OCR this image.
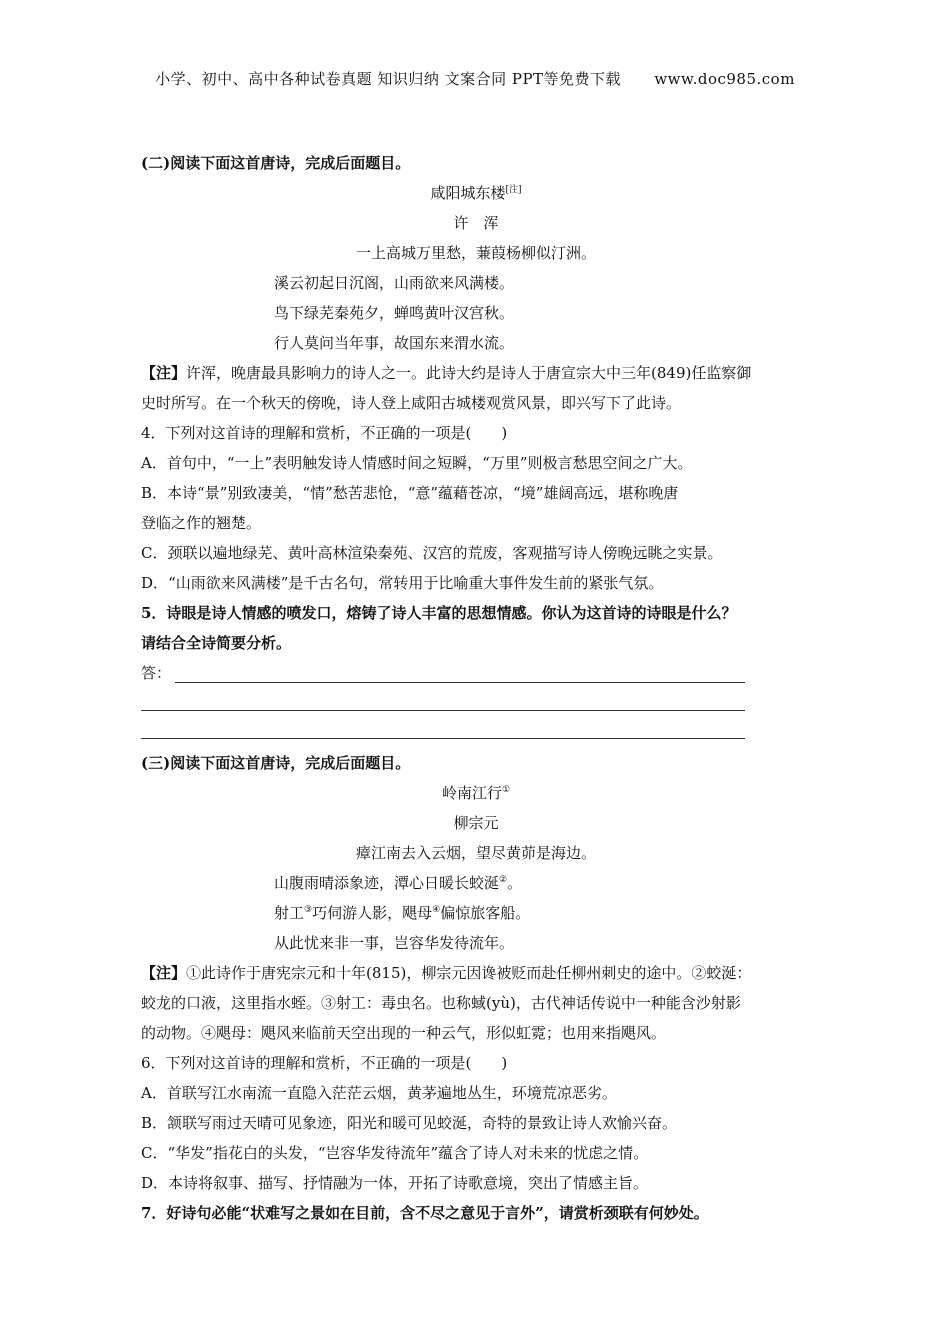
小学、初中、高中各种试卷真题 知识归纳 文案合同 PPT等免费下载 www.doc985.com
(二)阅读下面这首唐诗，完成后面题目。
咸阳城东楼[注]
许　浑
一上高城万里愁，蒹葭杨柳似汀洲。
溪云初起日沉阁，山雨欲来风满楼。
鸟下绿芜秦苑夕，蝉鸣黄叶汉宫秋。
行人莫问当年事，故国东来渭水流。
【注】许浑，晚唐最具影响力的诗人之一。此诗大约是诗人于唐宣宗大中三年(849)任监察御
史时所写。在一个秋天的傍晚，诗人登上咸阳古城楼观赏风景，即兴写下了此诗。
4．下列对这首诗的理解和赏析，不正确的一项是(　　)
A．首句中，“一上”表明触发诗人情感时间之短瞬，“万里”则极言愁思空间之广大。
B．本诗“景”别致凄美，“情”愁苦悲怆，“意”蕴藉苍凉，“境”雄阔高远，堪称晚唐
登临之作的翘楚。
C．颈联以遍地绿芜、黄叶高林渲染秦苑、汉宫的荒废，客观描写诗人傍晚远眺之实景。
D．“山雨欲来风满楼”是千古名句，常转用于比喻重大事件发生前的紧张气氛。
5．诗眼是诗人情感的喷发口，熔铸了诗人丰富的思想情感。你认为这首诗的诗眼是什么？
请结合全诗简要分析。
答：
(三)阅读下面这首唐诗，完成后面题目。
岭南江行①
柳宗元
瘴江南去入云烟，望尽黄茆是海边。
山腹雨晴添象迹，潭心日暖长蛟涎②。
射工③巧伺游人影，飓母④偏惊旅客船。
从此忧来非一事，岂容华发待流年。
【注】①此诗作于唐宪宗元和十年(815)，柳宗元因谗被贬而赴任柳州刺史的途中。②蛟涎：
蛟龙的口液，这里指水蛭。③射工：毒虫名。也称蜮(yù)，古代神话传说中一种能含沙射影
的动物。④飓母：飓风来临前天空出现的一种云气，形似虹霓；也用来指飓风。
6．下列对这首诗的理解和赏析，不正确的一项是(　　)
A．首联写江水南流一直隐入茫茫云烟，黄茅遍地丛生，环境荒凉恶劣。
B．颔联写雨过天晴可见象迹，阳光和暖可见蛟涎，奇特的景致让诗人欢愉兴奋。
C．“华发”指花白的头发，“岂容华发待流年”蕴含了诗人对未来的忧虑之情。
D．本诗将叙事、描写、抒情融为一体，开拓了诗歌意境，突出了情感主旨。
7．好诗句必能“状难写之景如在目前，含不尽之意见于言外”，请赏析颈联有何妙处。
